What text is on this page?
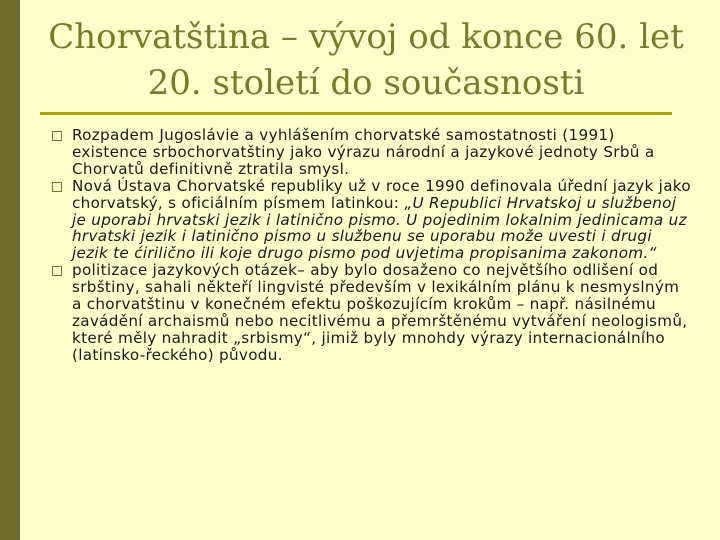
Chorvatština – vývoj od konce 60. let
20. století do současnosti
Rozpadem Jugoslávie a vyhlášením chorvatské samostatnosti (1991) existence srbochorvatštiny jako výrazu národní a jazykové jednoty Srbů a Chorvatů definitivně ztratila smysl.
Nová Ústava Chorvatské republiky už v roce 1990 definovala úřední jazyk jako chorvatský, s oficiálním písmem latinkou: „U Republici Hrvatskoj u službenoj je uporabi hrvatski jezik i latinično pismo. U pojedinim lokalnim jedinicama uz hrvatski jezik i latinično pismo u službenu se uporabu može uvesti i drugi jezik te ćirilično ili koje drugo pismo pod uvjetima propisanima zakonom.“
politizace jazykových otázek– aby bylo dosaženo co největšího odlišení od srbštiny, sahali někteří lingvisté především v lexikálním plánu k nesmyslným a chorvatštinu v konečném efektu poškozujícím krokům – např. násilnému zavádění archaismů nebo necitlivému a přemrštěnému vytváření neologismů, které měly nahradit „srbismy“, jimiž byly mnohdy výrazy internacionálního (latinsko-řeckého) původu.
